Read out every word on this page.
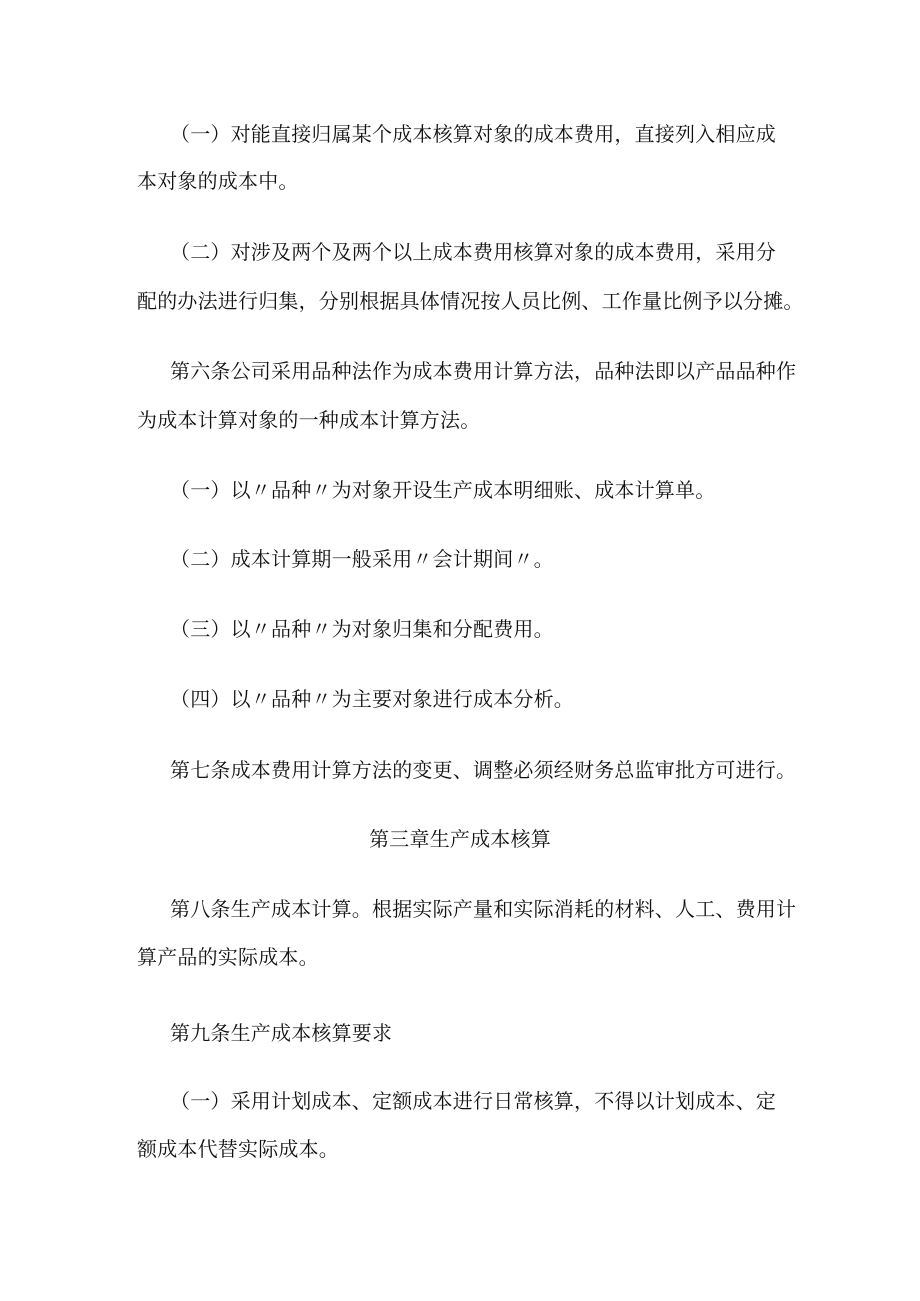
（一）对能直接归属某个成本核算对象的成本费用，直接列入相应成
本对象的成本中。
（二）对涉及两个及两个以上成本费用核算对象的成本费用，采用分
配的办法进行归集，分别根据具体情况按人员比例、工作量比例予以分摊。
第六条公司采用品种法作为成本费用计算方法，品种法即以产品品种作
为成本计算对象的一种成本计算方法。
（一）以〃品种〃为对象开设生产成本明细账、成本计算单。
（二）成本计算期一般采用〃会计期间〃。
（三）以〃品种〃为对象归集和分配费用。
（四）以〃品种〃为主要对象进行成本分析。
第七条成本费用计算方法的变更、调整必须经财务总监审批方可进行。
第三章生产成本核算
第八条生产成本计算。根据实际产量和实际消耗的材料、人工、费用计
算产品的实际成本。
第九条生产成本核算要求
（一）采用计划成本、定额成本进行日常核算，不得以计划成本、定
额成本代替实际成本。
